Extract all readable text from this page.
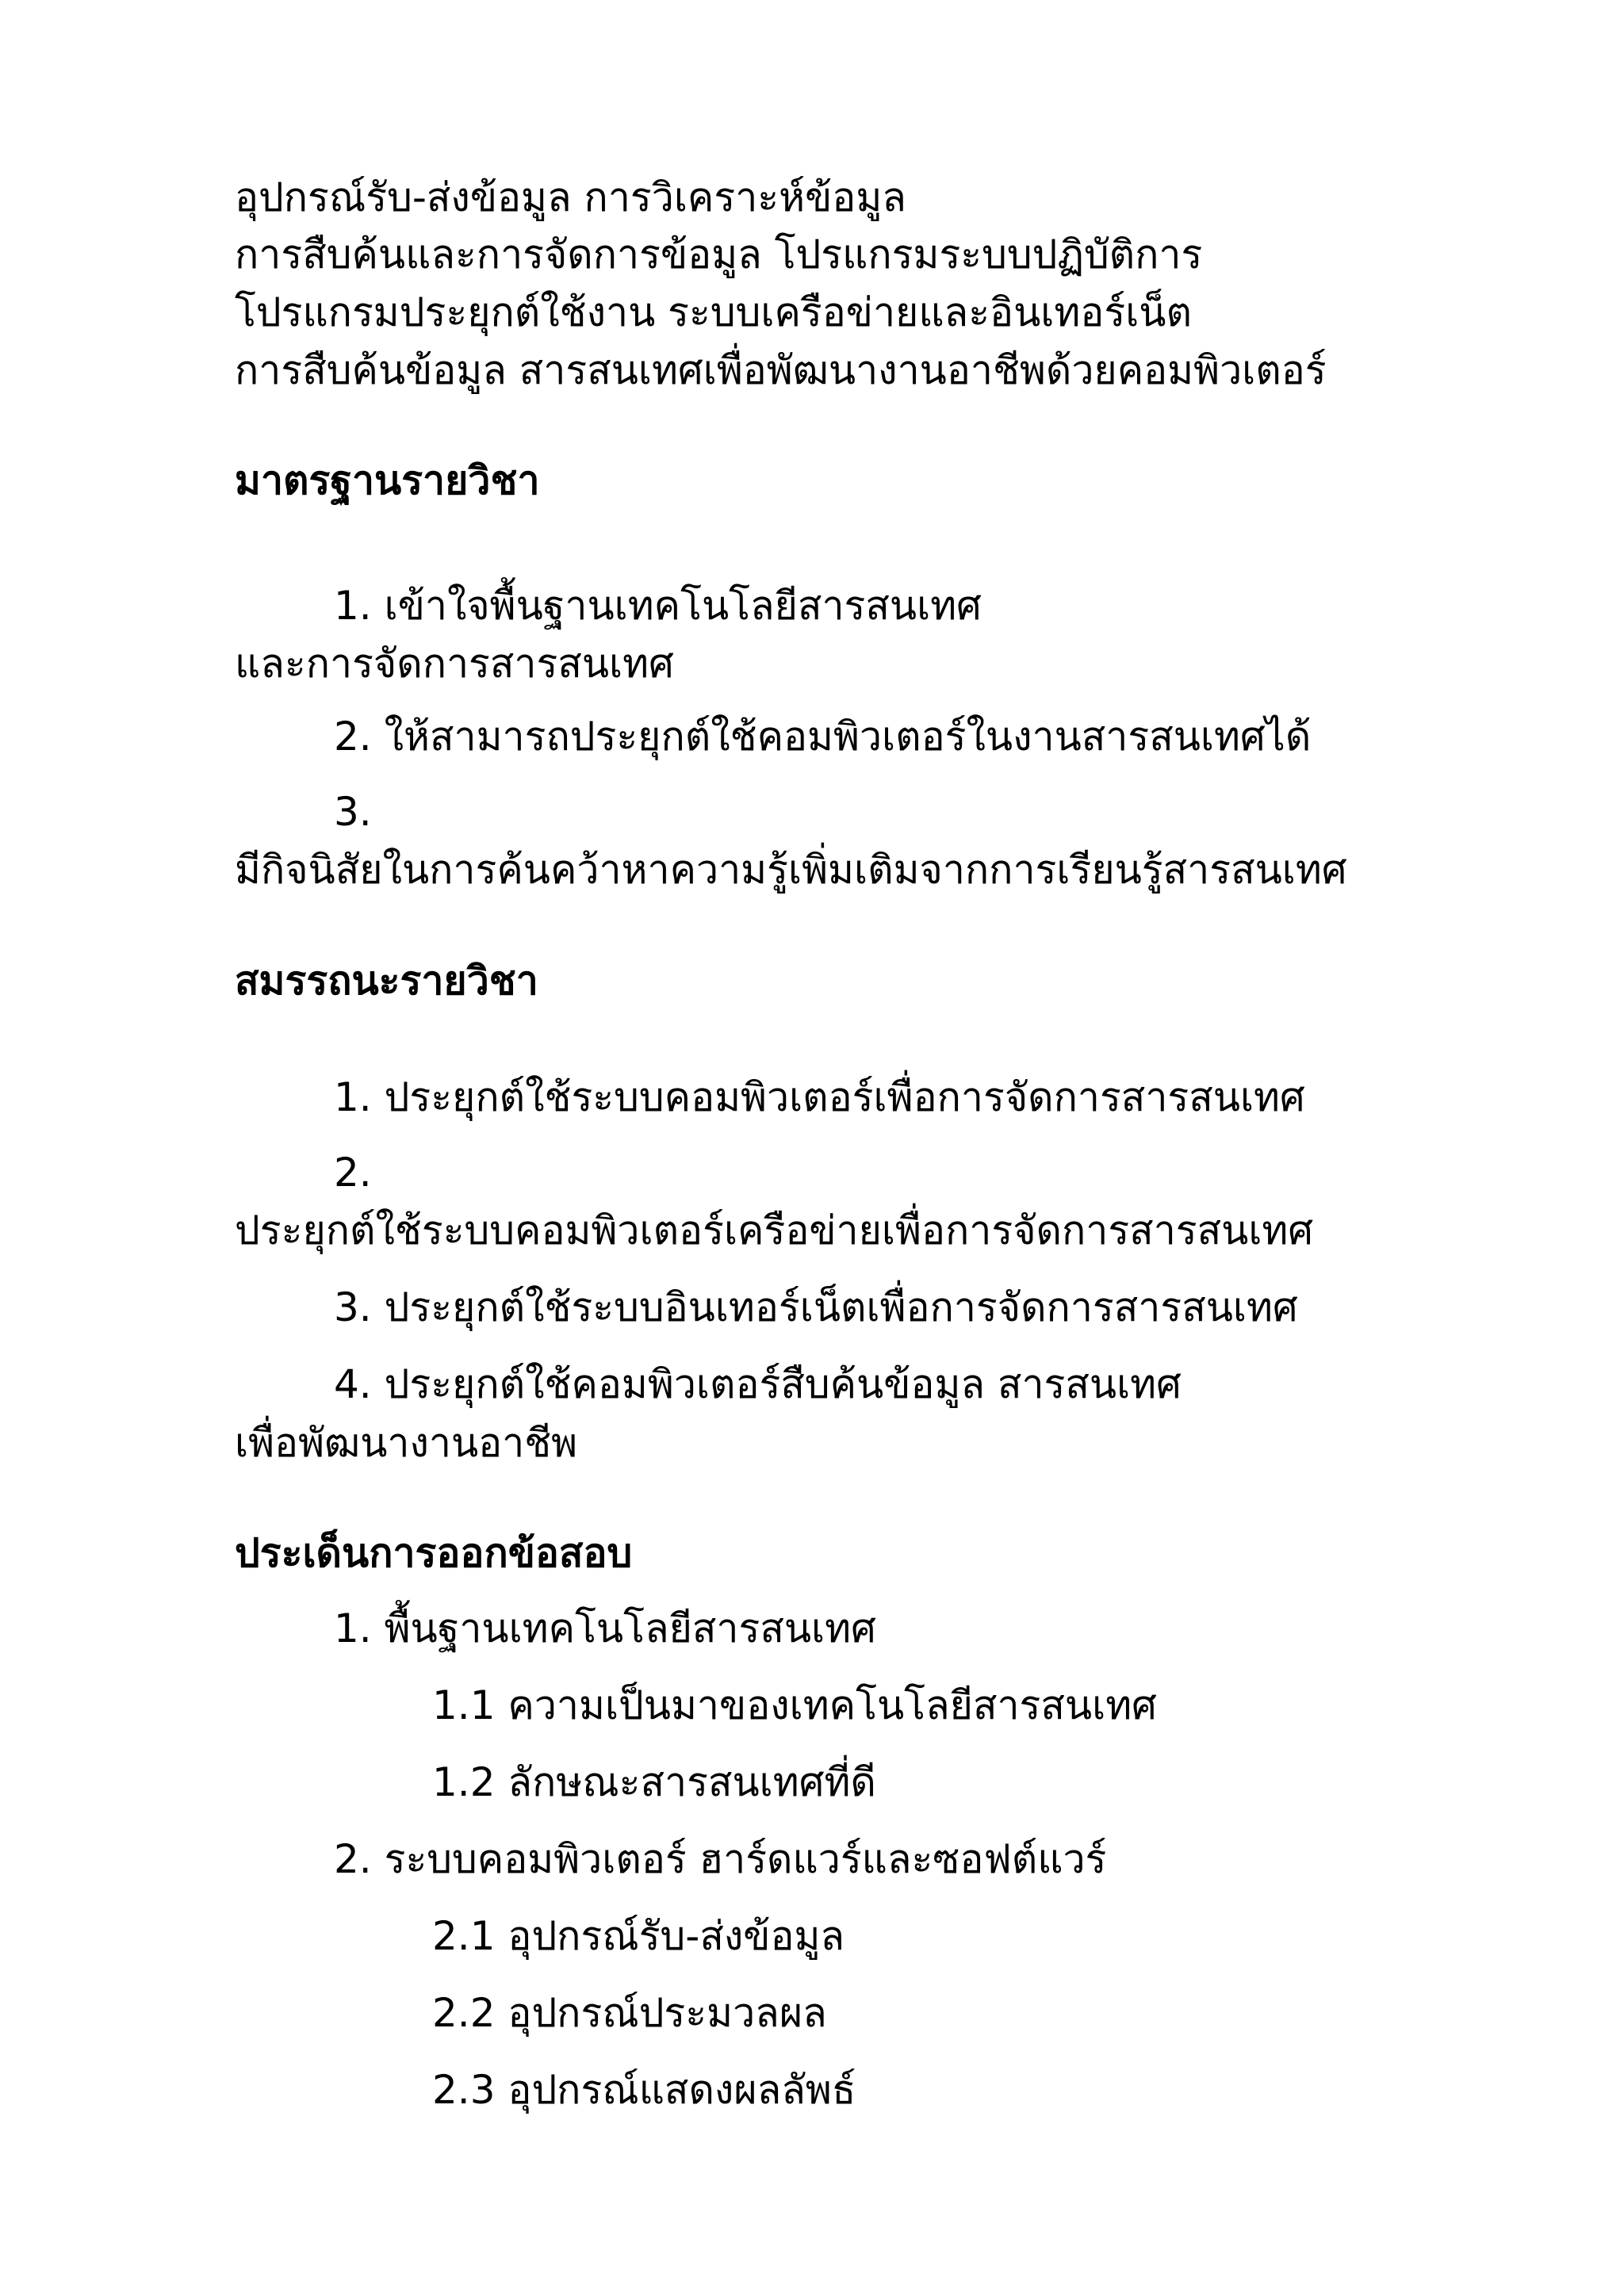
อุปกรณ์รับ-ส่งข้อมูล การวิเคราะห์ข้อมูล
การสืบค้นและการจัดการข้อมูล โปรแกรมระบบปฏิบัติการ
โปรแกรมประยุกต์ใช้งาน ระบบเครือข่ายและอินเทอร์เน็ต
การสืบค้นข้อมูล สารสนเทศเพื่อพัฒนางานอาชีพด้วยคอมพิวเตอร์
มาตรฐานรายวิชา
1. เข้าใจพื้นฐานเทคโนโลยีสารสนเทศ
และการจัดการสารสนเทศ
2. ให้สามารถประยุกต์ใช้คอมพิวเตอร์ในงานสารสนเทศได้
3.
มีกิจนิสัยในการค้นคว้าหาความรู้เพิ่มเติมจากการเรียนรู้สารสนเทศ
สมรรถนะรายวิชา
1. ประยุกต์ใช้ระบบคอมพิวเตอร์เพื่อการจัดการสารสนเทศ
2.
ประยุกต์ใช้ระบบคอมพิวเตอร์เครือข่ายเพื่อการจัดการสารสนเทศ
3. ประยุกต์ใช้ระบบอินเทอร์เน็ตเพื่อการจัดการสารสนเทศ
4. ประยุกต์ใช้คอมพิวเตอร์สืบค้นข้อมูล สารสนเทศ
เพื่อพัฒนางานอาชีพ
ประเด็นการออกข้อสอบ
1. พื้นฐานเทคโนโลยีสารสนเทศ
1.1 ความเป็นมาของเทคโนโลยีสารสนเทศ
1.2 ลักษณะสารสนเทศที่ดี
2. ระบบคอมพิวเตอร์ ฮาร์ดแวร์และซอฟต์แวร์
2.1 อุปกรณ์รับ-ส่งข้อมูล
2.2 อุปกรณ์ประมวลผล
2.3 อุปกรณ์แสดงผลลัพธ์
